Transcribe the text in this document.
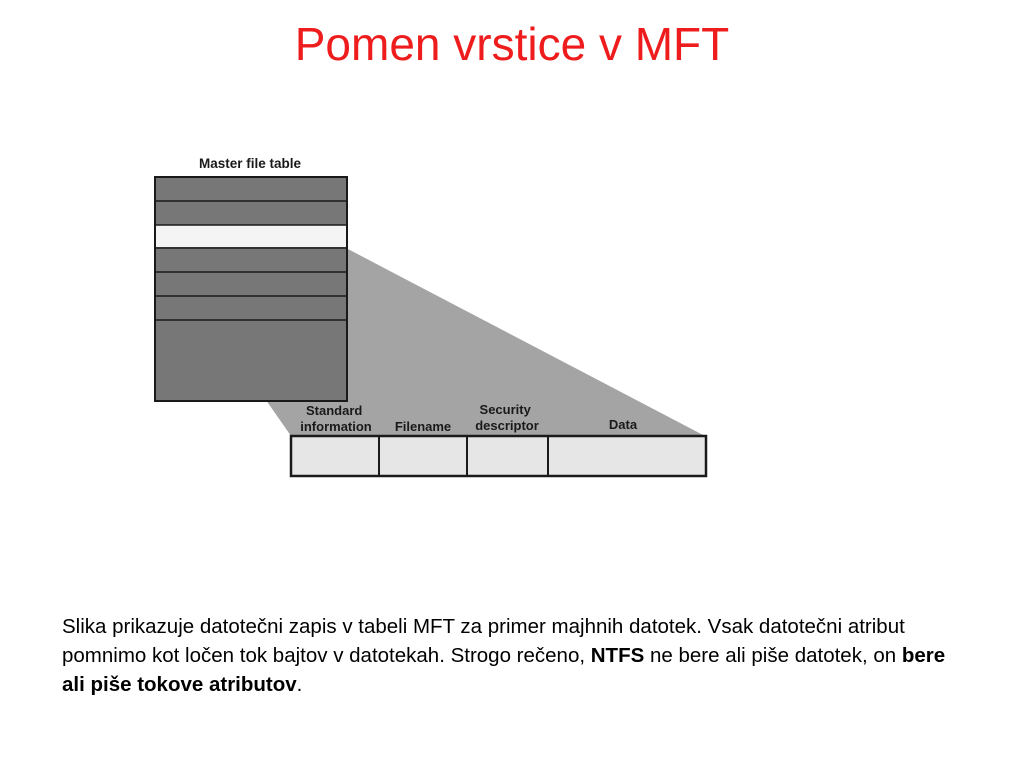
Pomen vrstice v MFT
Master file table
Standard information Filename
Security descriptor	Data
Slika prikazuje datotečni zapis v tabeli MFT za primer majhnih datotek. Vsak datotečni atribut pomnimo kot ločen tok bajtov v datotekah. Strogo rečeno, NTFS ne bere ali piše datotek, on bere ali piše tokove atributov.
